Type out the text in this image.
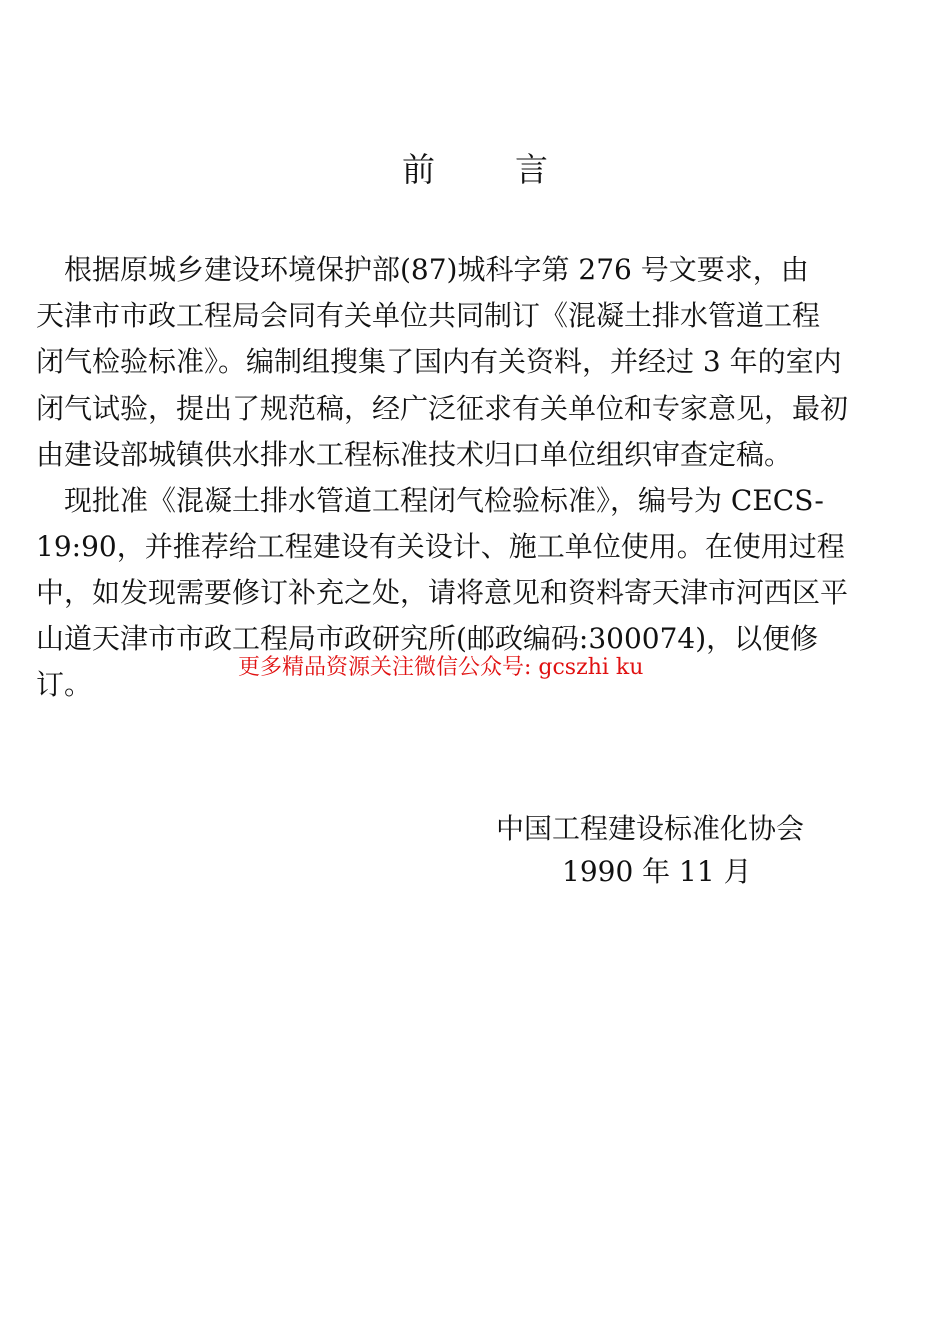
前 言
　根据原城乡建设环境保护部(87)城科字第 276 号文要求，由
天津市市政工程局会同有关单位共同制订《混凝土排水管道工程
闭气检验标准》。编制组搜集了国内有关资料，并经过 3 年的室内
闭气试验，提出了规范稿，经广泛征求有关单位和专家意见，最初
由建设部城镇供水排水工程标准技术归口单位组织审查定稿。
　现批准《混凝土排水管道工程闭气检验标准》，编号为 CECS-
19:90，并推荐给工程建设有关设计、施工单位使用。在使用过程
中，如发现需要修订补充之处，请将意见和资料寄天津市河西区平
山道天津市市政工程局市政研究所(邮政编码:300074)，以便修
订。
更多精品资源关注微信公众号: gcszhi ku
中国工程建设标准化协会
1990 年 11 月
